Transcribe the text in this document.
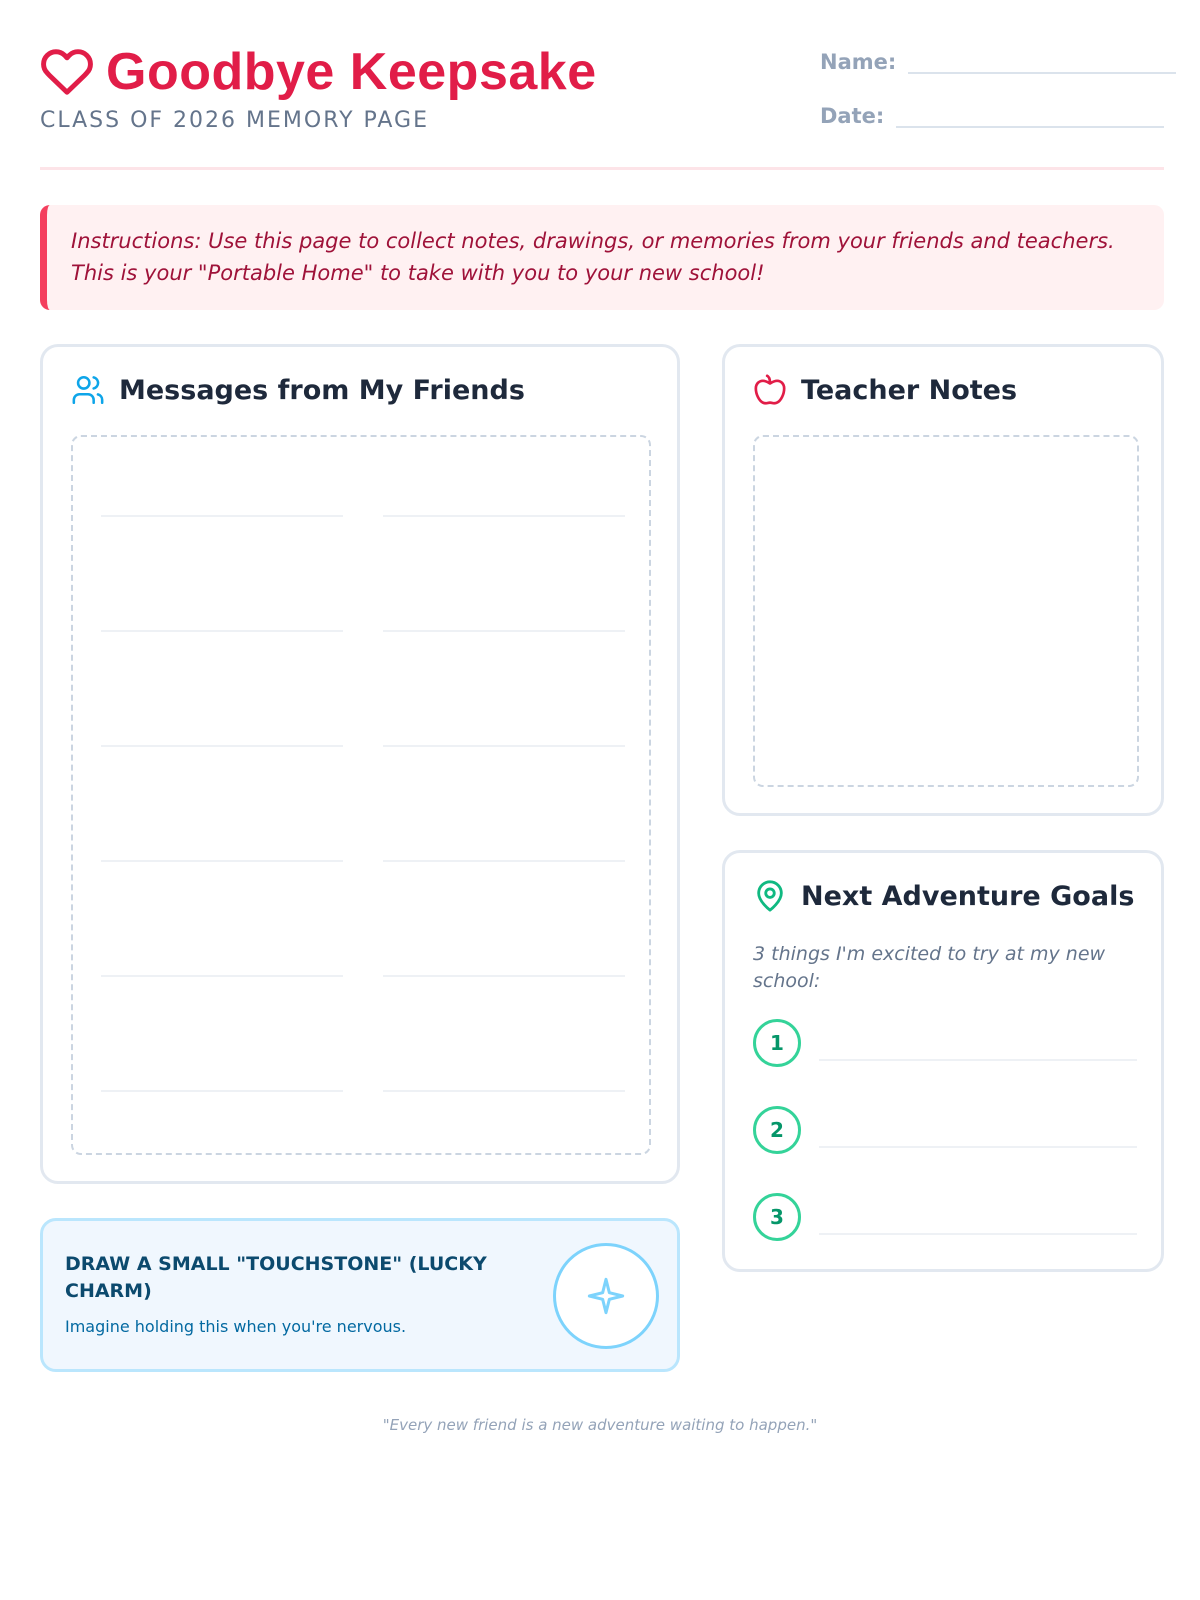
Goodbye Keepsake
CLASS OF 2026 MEMORY PAGE
Name:
Date:

Instructions: Use this page to collect notes, drawings, or memories from your friends and teachers.

This is your "Portable Home" to take with you to your new school!

Messages from My Friends	Teacher Notes
Next Adventure Goals

3 things I'm excited to try at my new school:

1
2
3
DRAW A SMALL "TOUCHSTONE" (LUCKY CHARM)
Imagine holding this when you're nervous.
"Every new friend is a new adventure waiting to happen."
